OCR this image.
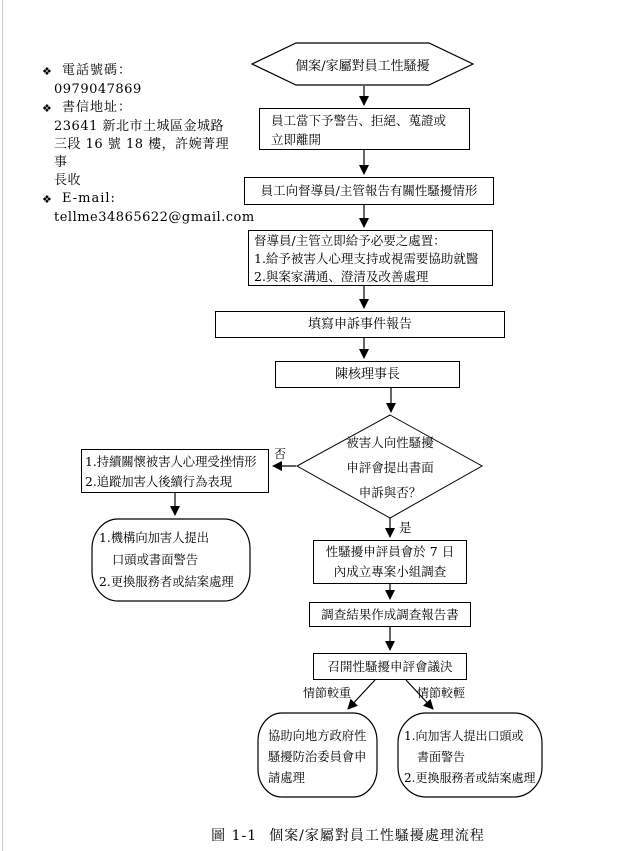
❖ 電話號碼：
0979047869
❖ 書信地址：
23641 新北市土城區金城路
三段 16 號 18 樓，許婉菁理事
長收
❖ E-mail:
tellme34865622@gmail.com
個案/家屬對員工性騷擾
員工當下予警告、拒絕、蒐證或
立即離開
員工向督導員/主管報告有關性騷擾情形
督導員/主管立即給予必要之處置：
1.給予被害人心理支持或視需要協助就醫
2.與案家溝通、澄清及改善處理
填寫申訴事件報告
陳核理事長
被害人向性騷擾
申評會提出書面
申訴與否？
否
是
1.持續關懷被害人心理受挫情形
2.追蹤加害人後續行為表現
1.機構向加害人提出
口頭或書面警告
2.更換服務者或結案處理
性騷擾申評員會於 7 日
內成立專案小組調查
調查結果作成調查報告書
召開性騷擾申評會議決
情節較重	情節較輕
協助向地方政府性
騷擾防治委員會申
請處理
1.向加害人提出口頭或
書面警告
2.更換服務者或結案處理
圖 1-1 個案/家屬對員工性騷擾處理流程
